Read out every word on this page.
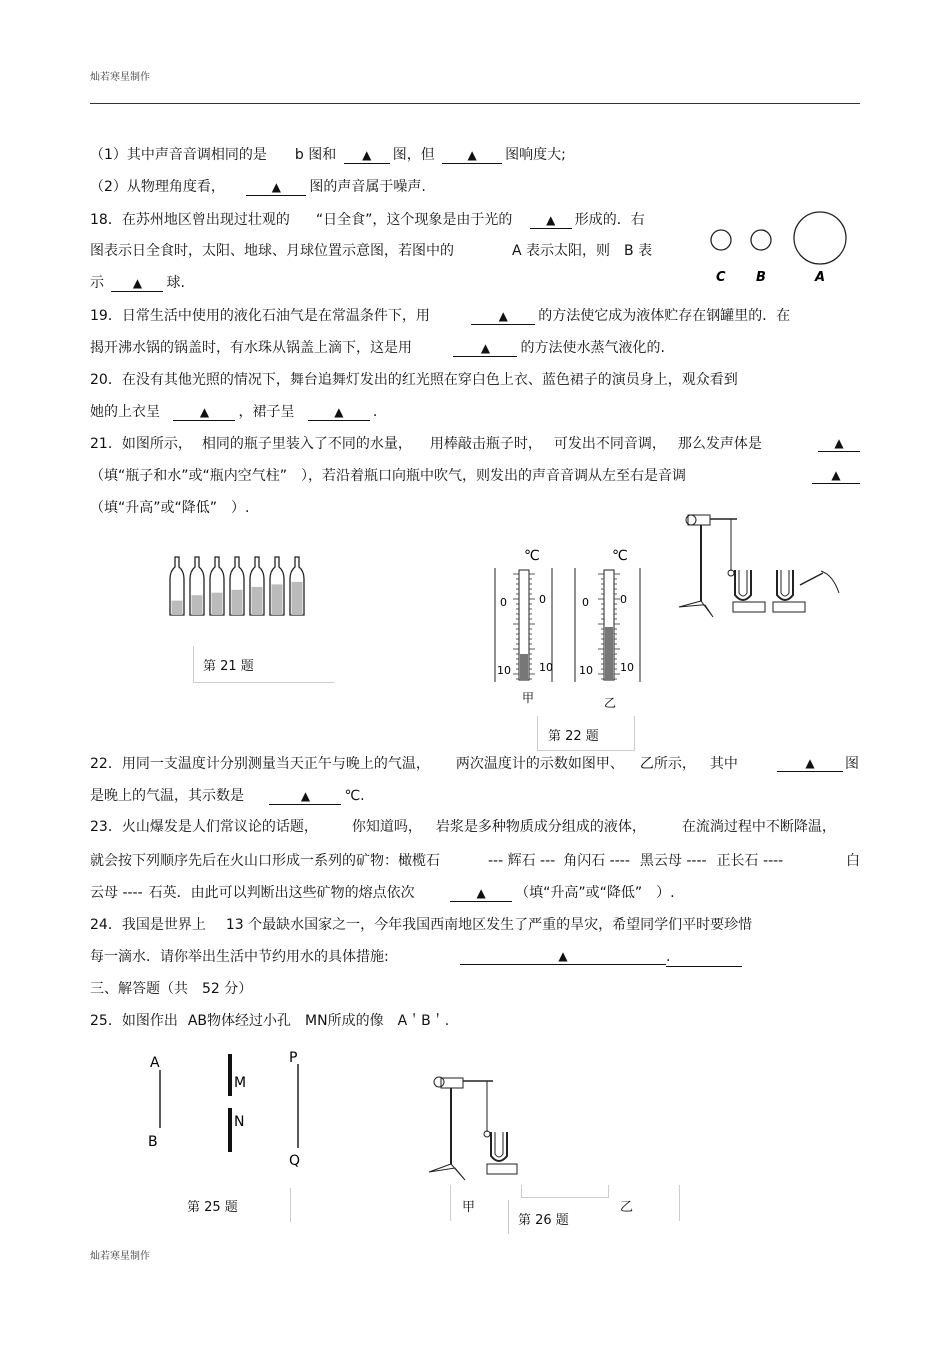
灿若寒星制作
灿若寒星制作
（1）其中声音音调相同的是 b 图和 ▲ 图，但	▲ 图响度大;
（2）从物理角度看，	▲ 图的声音属于噪声.
18．在苏州地区曾出现过壮观的 “日全食”，这个现象是由于光的	▲ 形成的．右
图表示日全食时，太阳、地球、月球位置示意图，若图中的	A 表示太阳，则 B 表
示 ▲ 球.	C B	A
19．日常生活中使用的液化石油气是在常温条件下，用	▲ 的方法使它成为液体贮存在钢罐里的．在
揭开沸水锅的锅盖时，有水珠从锅盖上滴下，这是用	▲ 的方法使水蒸气液化的.
20．在没有其他光照的情况下，舞台追舞灯发出的红光照在穿白色上衣、蓝色裙子的演员身上，观众看到
她的上衣呈	▲ ，裙子呈	▲ .
21．如图所示， 相同的瓶子里装入了不同的水量， 用棒敲击瓶子时， 可发出不同音调， 那么发声体是	▲
（填“瓶子和水”或“瓶内空气柱” ），若沿着瓶口向瓶中吹气，则发出的声音音调从左至右是音调	▲
（填“升高”或“降低”　）.
第 21 题
℃
0	0
10	10
甲
℃
0	0
10 10
乙
第 22 题
22．用同一支温度计分别测量当天正午与晚上的气温， 两次温度计的示数如图甲、 乙所示， 其中	▲	图
是晚上的气温，其示数是	▲ ℃.
23．火山爆发是人们常议论的话题， 你知道吗， 岩浆是多种物质成分组成的液体，	在流淌过程中不断降温，
就会按下列顺序先后在火山口形成一系列的矿物：橄榄石	--- 辉石 --- 角闪石 ---- 黑云母 ---- 正长石 ----	白
云母 ---- 石英．由此可以判断出这些矿物的熔点依次	▲ （填“升高”或“降低”　）.
24．我国是世界上 13 个最缺水国家之一，今年我国西南地区发生了严重的旱灾，希望同学们平时要珍惜
每一滴水．请你举出生活中节约用水的具体措施:	▲	.
三、解答题（共　52 分）
25．如图作出 AB物体经过小孔 MN所成的像 A＇B＇.
A
B
M
N
P
Q
第 25 题	甲
第 26 题
乙
